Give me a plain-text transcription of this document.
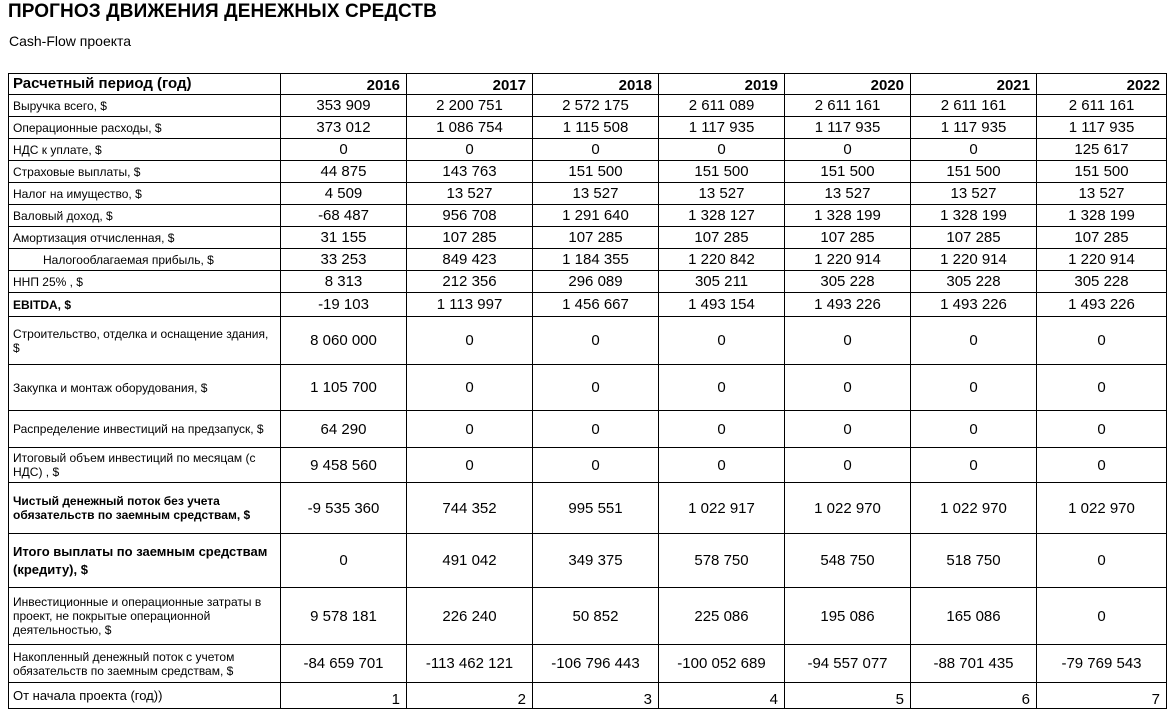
ПРОГНОЗ ДВИЖЕНИЯ ДЕНЕЖНЫХ СРЕДСТВ
Cash-Flow проекта
Расчетный период (год)	2016	2017	2018	2019	2020	2021	2022
Выручка всего, $	353 909	2 200 751	2 572 175	2 611 089	2 611 161	2 611 161	2 611 161
Операционные расходы, $	373 012	1 086 754	1 115 508	1 117 935	1 117 935	1 117 935	1 117 935
НДС к уплате, $	0	0	0	0	0	0	125 617
Страховые выплаты, $	44 875	143 763	151 500	151 500	151 500	151 500	151 500
Налог на имущество, $	4 509	13 527	13 527	13 527	13 527	13 527	13 527
Валовый доход, $	-68 487	956 708	1 291 640	1 328 127	1 328 199	1 328 199	1 328 199
Амортизация отчисленная, $	31 155	107 285	107 285	107 285	107 285	107 285	107 285
Налогооблагаемая прибыль, $	33 253	849 423	1 184 355	1 220 842	1 220 914	1 220 914	1 220 914
ННП 25% , $	8 313	212 356	296 089	305 211	305 228	305 228	305 228
EBITDA, $	-19 103	1 113 997	1 456 667	1 493 154	1 493 226	1 493 226	1 493 226
Строительство, отделка и оснащение здания, $	8 060 000	0	0	0	0	0	0
Закупка и монтаж оборудования, $	1 105 700	0	0	0	0	0	0
Распределение инвестиций на предзапуск, $	64 290	0	0	0	0	0	0
Итоговый объем инвестиций по месяцам (с НДС) , $	9 458 560	0	0	0	0	0	0
Чистый денежный поток без учета обязательств по заемным средствам, $	-9 535 360	744 352	995 551	1 022 917	1 022 970	1 022 970	1 022 970
Итого выплаты по заемным средствам (кредиту), $	0	491 042	349 375	578 750	548 750	518 750	0
Инвестиционные и операционные затраты в проект, не покрытые операционной деятельностью, $	9 578 181	226 240	50 852	225 086	195 086	165 086	0
Накопленный денежный поток с учетом обязательств по заемным средствам, $	-84 659 701	-113 462 121	-106 796 443	-100 052 689	-94 557 077	-88 701 435	-79 769 543
От начала проекта (год))	1	2	3	4	5	6	7
